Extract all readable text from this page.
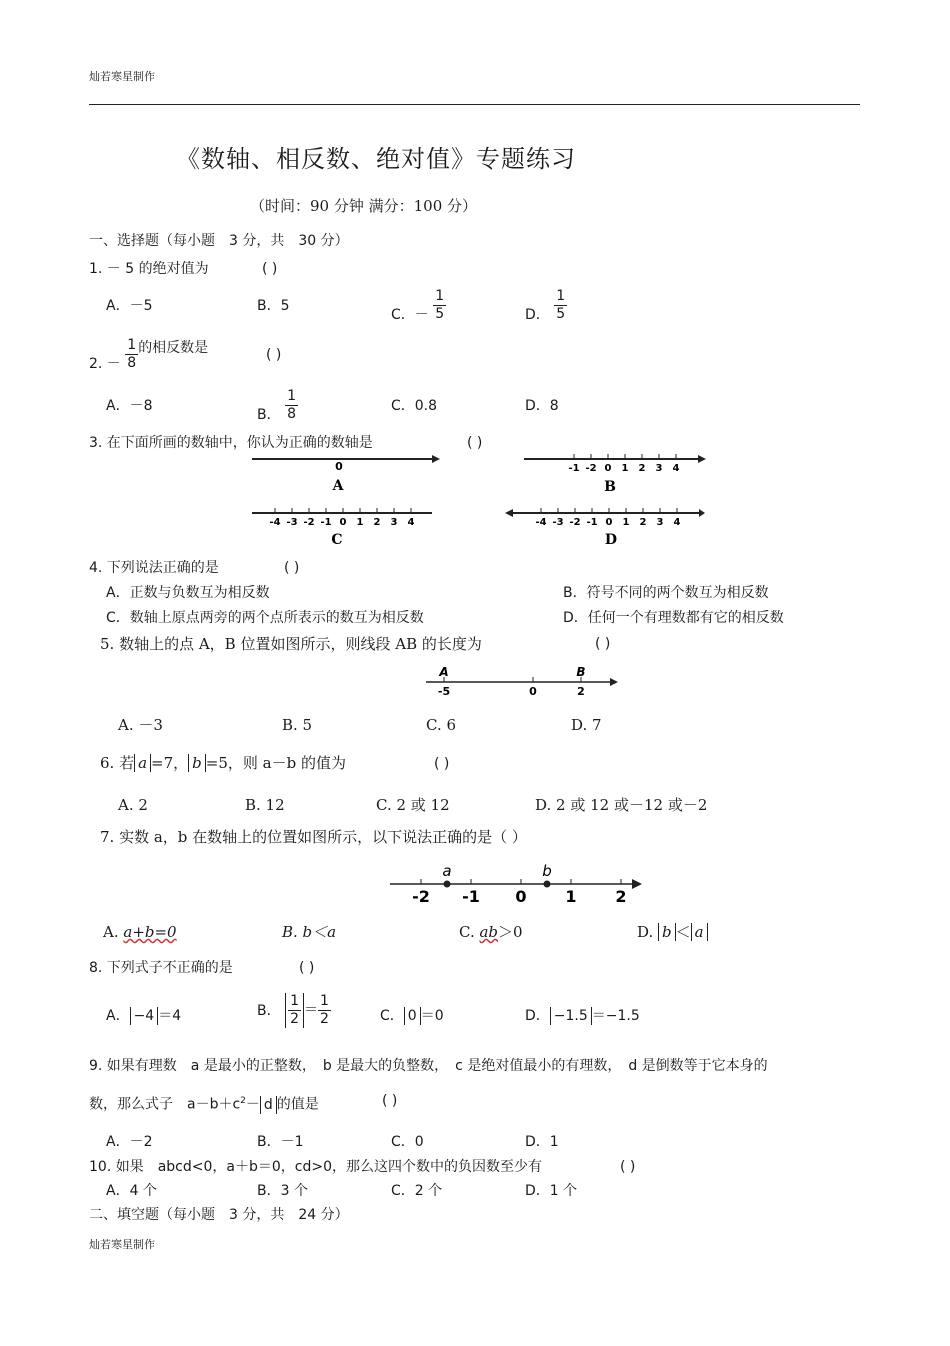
灿若寒星制作
《数轴、相反数、绝对值》专题练习
（时间：90 分钟 满分：100 分）
一、选择题（每小题　3 分，共　30 分）
1. － 5 的绝对值为	( )
A．－5	B．5
C．－ $\frac{1}{5}$	D． $\frac{1}{5}$
2. － $\frac{1}{8}$ 的相反数是	( )
A．－8
B． $\frac{1}{8}$	C．0.8	D．8
3. 在下面所画的数轴中，你认为正确的数轴是	( )
0
A
-1 -2 0 1 2 3 4
B
-4 -3 -2 -1 0 1 2 3 4
C
-4 -3 -2 -1 0 1 2 3 4
D
4. 下列说法正确的是	( )
A．正数与负数互为相反数	B．符号不同的两个数互为相反数
C．数轴上原点两旁的两个点所表示的数互为相反数	D．任何一个有理数都有它的相反数
5. 数轴上的点 A，B 位置如图所示，则线段 AB 的长度为	( )
A	B
-5	0	2
A. －3	B. 5	C. 6	D. 7
6. 若 a =7， b =5，则 a－b 的值为	( )
A. 2	B. 12	C. 2 或 12	D. 2 或 12 或－12 或－2
7. 实数 a，b 在数轴上的位置如图所示，以下说法正确的是（ ）
a	b
-2 -1 0 1 2
A. a+b=0	B. b＜a	C. ab＞0	D. b ＜ a
8. 下列式子不正确的是	( )
A． −4 ＝4	B． $\frac{1}{2} = \frac{1}{2}$	C． 0 ＝0	D． −1.5 ＝−1.5
9. 如果有理数　a 是最小的正整数，　b 是最大的负整数，　c 是绝对值最小的有理数，　d 是倒数等于它本身的
数，那么式子　$a-b+c^2- d$ 的值是	( )
A．－2	B．－1	C．0	D．1
10. 如果　abcd<0，a＋b＝0，cd>0，那么这四个数中的负因数至少有	( )
A．4 个	B．3 个	C．2 个	D．1 个
二、填空题（每小题　3 分，共　24 分）
灿若寒星制作
